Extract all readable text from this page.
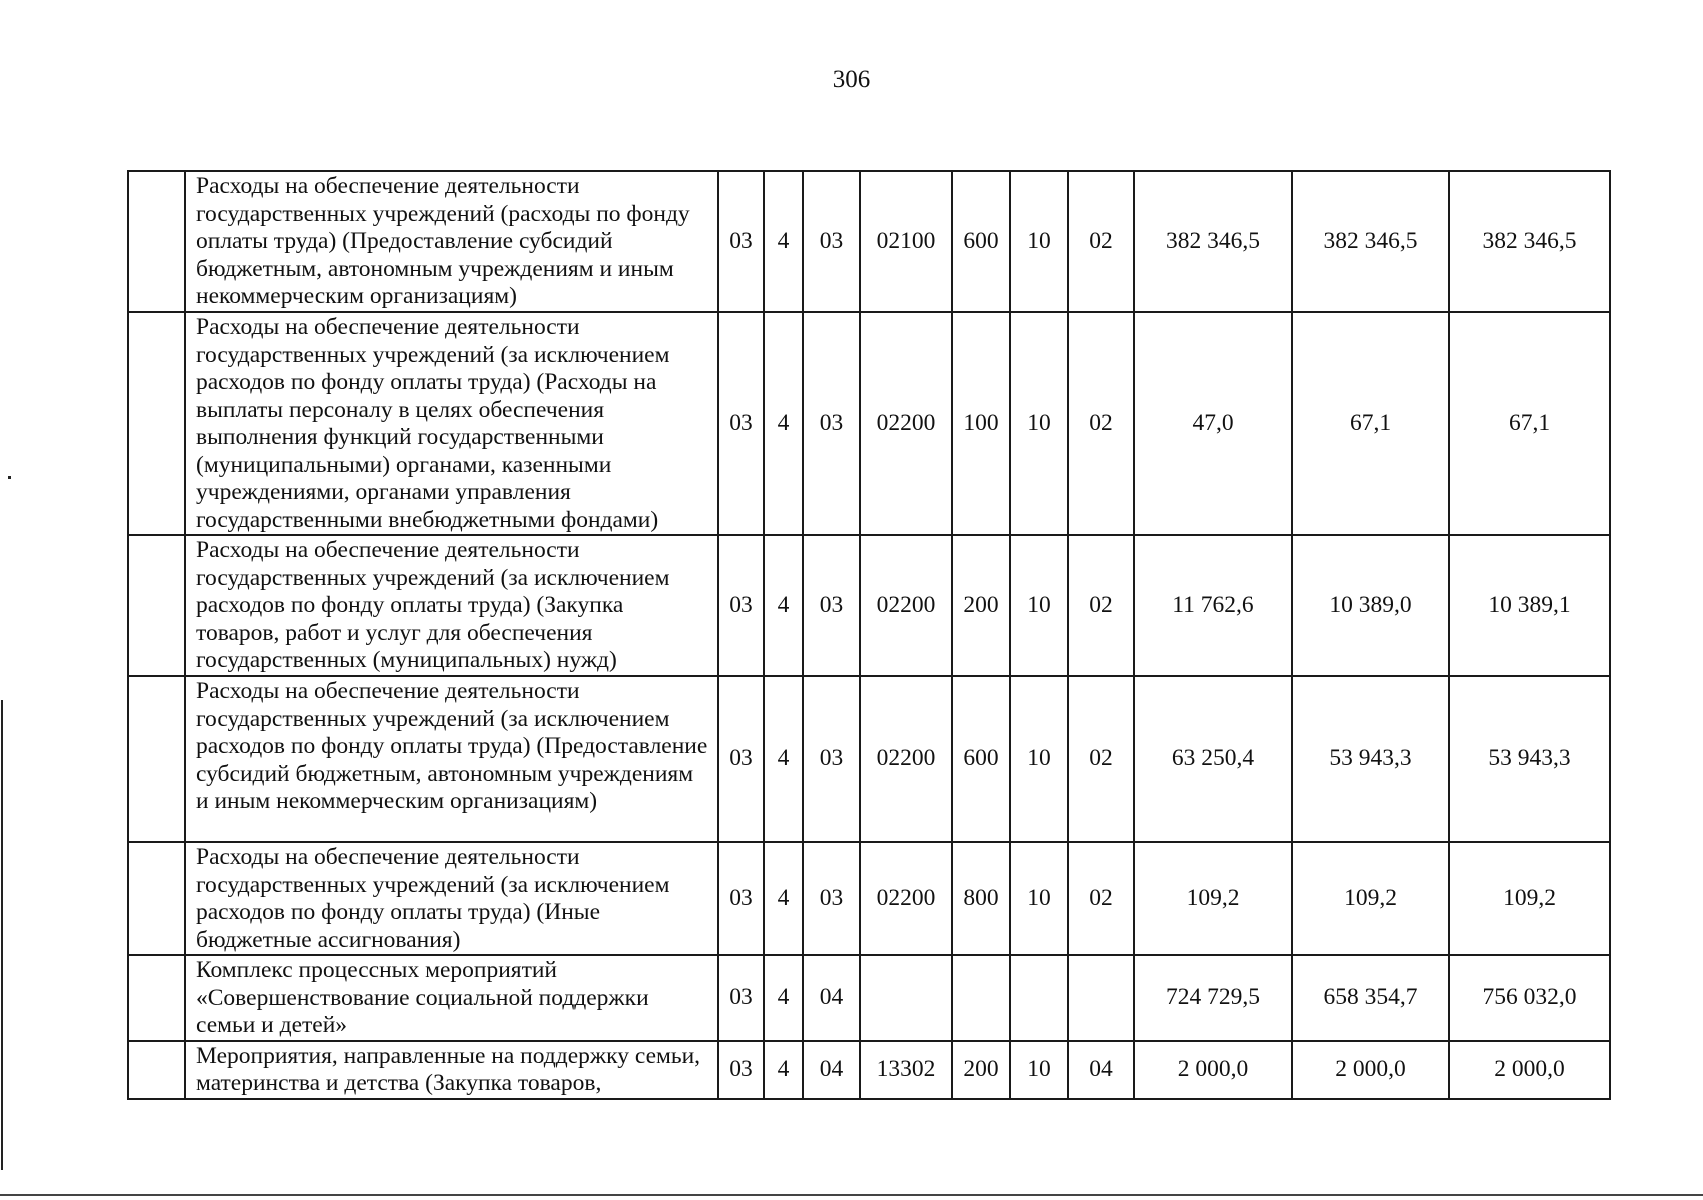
306

	Расходы на обеспечение деятельности государственных учреждений (расходы по фонду оплаты труда) (Предоставление субсидий бюджетным, автономным учреждениям и иным некоммерческим организациям)	03	4	03	02100	600	10	02	382 346,5	382 346,5	382 346,5

	Расходы на обеспечение деятельности государственных учреждений (за исключением расходов по фонду оплаты труда) (Расходы на выплаты персоналу в целях обеспечения выполнения функций государственными (муниципальными) органами, казенными учреждениями, органами управления государственными внебюджетными фондами)	03	4	03	02200	100	10	02	47,0	67,1	67,1

	Расходы на обеспечение деятельности государственных учреждений (за исключением расходов по фонду оплаты труда) (Закупка товаров, работ и услуг для обеспечения государственных (муниципальных) нужд)	03	4	03	02200	200	10	02	11 762,6	10 389,0	10 389,1

	Расходы на обеспечение деятельности государственных учреждений (за исключением расходов по фонду оплаты труда) (Предоставление субсидий бюджетным, автономным учреждениям и иным некоммерческим организациям)	03	4	03	02200	600	10	02	63 250,4	53 943,3	53 943,3

	Расходы на обеспечение деятельности государственных учреждений (за исключением расходов по фонду оплаты труда) (Иные бюджетные ассигнования)	03	4	03	02200	800	10	02	109,2	109,2	109,2

	Комплекс процессных мероприятий «Совершенствование социальной поддержки семьи и детей»	03	4	04					724 729,5	658 354,7	756 032,0

	Мероприятия, направленные на поддержку семьи, материнства и детства (Закупка товаров,	03	4	04	13302	200	10	04	2 000,0	2 000,0	2 000,0
